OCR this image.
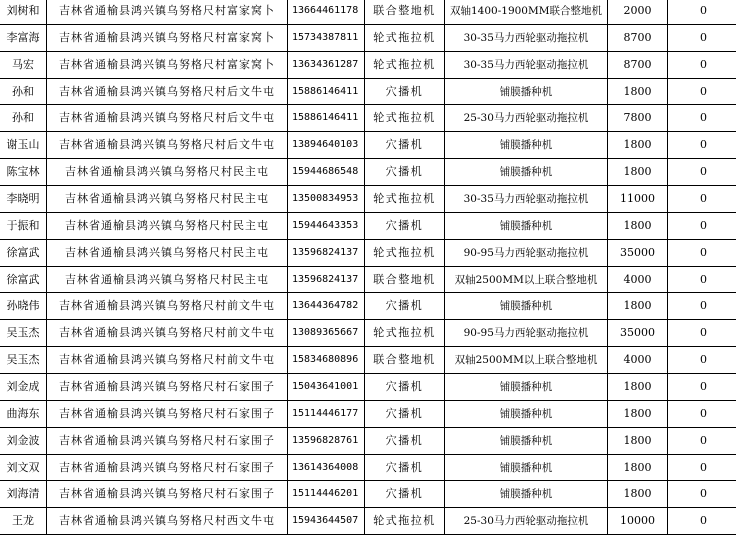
刘树和	吉林省通榆县鸿兴镇乌努格尺村富家窝卜	13664461178	联合整地机	双轴1400-1900MM联合整地机	2000	0
李富海	吉林省通榆县鸿兴镇乌努格尺村富家窝卜	15734387811	轮式拖拉机	30-35马力西轮驱动拖拉机	8700	0
马宏	吉林省通榆县鸿兴镇乌努格尺村富家窝卜	13634361287	轮式拖拉机	30-35马力西轮驱动拖拉机	8700	0
孙和	吉林省通榆县鸿兴镇乌努格尺村后文牛屯	15886146411	穴播机	铺膜播种机	1800	0
孙和	吉林省通榆县鸿兴镇乌努格尺村后文牛屯	15886146411	轮式拖拉机	25-30马力西轮驱动拖拉机	7800	0
谢玉山	吉林省通榆县鸿兴镇乌努格尺村后文牛屯	13894640103	穴播机	铺膜播种机	1800	0
陈宝林	吉林省通榆县鸿兴镇乌努格尺村民主屯	15944686548	穴播机	铺膜播种机	1800	0
李晓明	吉林省通榆县鸿兴镇乌努格尺村民主屯	13500834953	轮式拖拉机	30-35马力西轮驱动拖拉机	11000	0
于振和	吉林省通榆县鸿兴镇乌努格尺村民主屯	15944643353	穴播机	铺膜播种机	1800	0
徐富武	吉林省通榆县鸿兴镇乌努格尺村民主屯	13596824137	轮式拖拉机	90-95马力西轮驱动拖拉机	35000	0
徐富武	吉林省通榆县鸿兴镇乌努格尺村民主屯	13596824137	联合整地机	双轴2500MM以上联合整地机	4000	0
孙晓伟	吉林省通榆县鸿兴镇乌努格尺村前文牛屯	13644364782	穴播机	铺膜播种机	1800	0
吴玉杰	吉林省通榆县鸿兴镇乌努格尺村前文牛屯	13089365667	轮式拖拉机	90-95马力西轮驱动拖拉机	35000	0
吴玉杰	吉林省通榆县鸿兴镇乌努格尺村前文牛屯	15834680896	联合整地机	双轴2500MM以上联合整地机	4000	0
刘金成	吉林省通榆县鸿兴镇乌努格尺村石家围子	15043641001	穴播机	铺膜播种机	1800	0
曲海东	吉林省通榆县鸿兴镇乌努格尺村石家围子	15114446177	穴播机	铺膜播种机	1800	0
刘金波	吉林省通榆县鸿兴镇乌努格尺村石家围子	13596828761	穴播机	铺膜播种机	1800	0
刘文双	吉林省通榆县鸿兴镇乌努格尺村石家围子	13614364008	穴播机	铺膜播种机	1800	0
刘海清	吉林省通榆县鸿兴镇乌努格尺村石家围子	15114446201	穴播机	铺膜播种机	1800	0
王龙	吉林省通榆县鸿兴镇乌努格尺村西文牛屯	15943644507	轮式拖拉机	25-30马力西轮驱动拖拉机	10000	0
